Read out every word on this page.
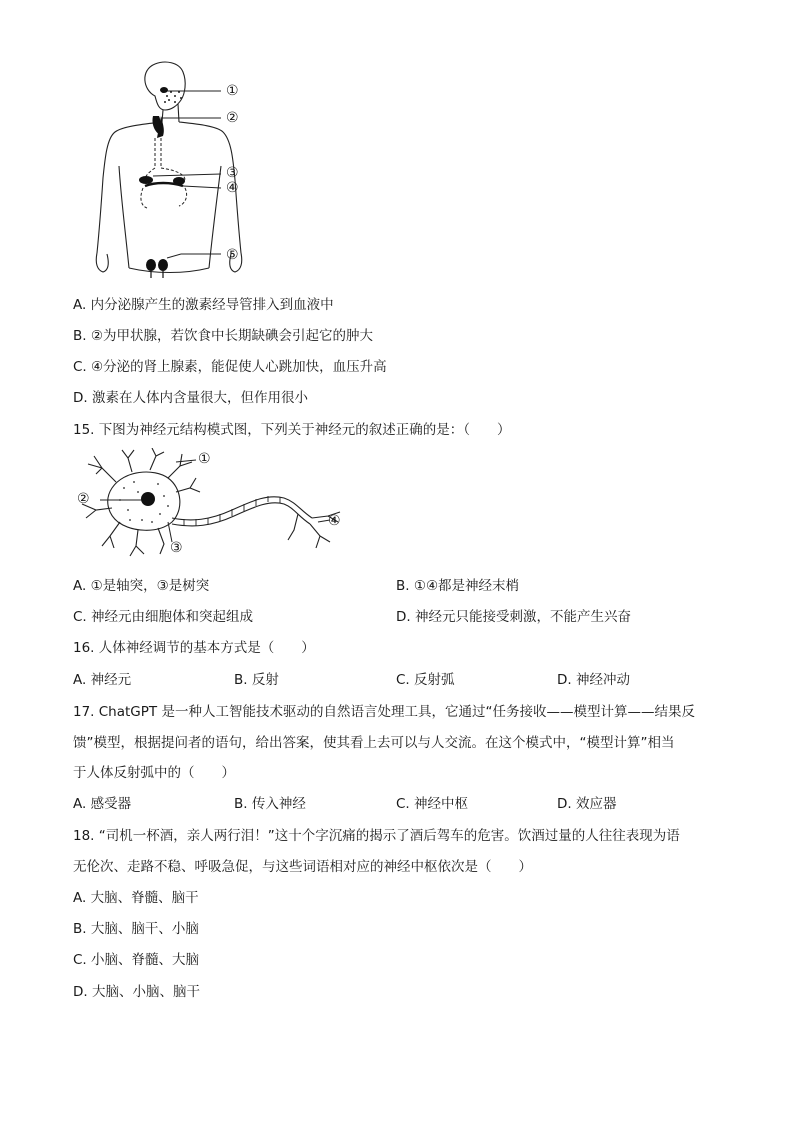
①
②
③
④
⑤
A. 内分泌腺产生的激素经导管排入到血液中
B. ②为甲状腺，若饮食中长期缺碘会引起它的肿大
C. ④分泌的肾上腺素，能促使人心跳加快，血压升高
D. 激素在人体内含量很大，但作用很小
15. 下图为神经元结构模式图，下列关于神经元的叙述正确的是：（　　）
①
②
③
④
A. ①是轴突，③是树突	B. ①④都是神经末梢
C. 神经元由细胞体和突起组成	D. 神经元只能接受刺激，不能产生兴奋
16. 人体神经调节的基本方式是（　　）
A. 神经元	B. 反射	C. 反射弧	D. 神经冲动
17. ChatGPT 是一种人工智能技术驱动的自然语言处理工具，它通过“任务接收——模型计算——结果反
馈”模型，根据提问者的语句，给出答案，使其看上去可以与人交流。在这个模式中，“模型计算”相当
于人体反射弧中的（　　）
A. 感受器	B. 传入神经	C. 神经中枢	D. 效应器
18. “司机一杯酒，亲人两行泪！”这十个字沉痛的揭示了酒后驾车的危害。饮酒过量的人往往表现为语
无伦次、走路不稳、呼吸急促，与这些词语相对应的神经中枢依次是（　　）
A. 大脑、脊髓、脑干
B. 大脑、脑干、小脑
C. 小脑、脊髓、大脑
D. 大脑、小脑、脑干
